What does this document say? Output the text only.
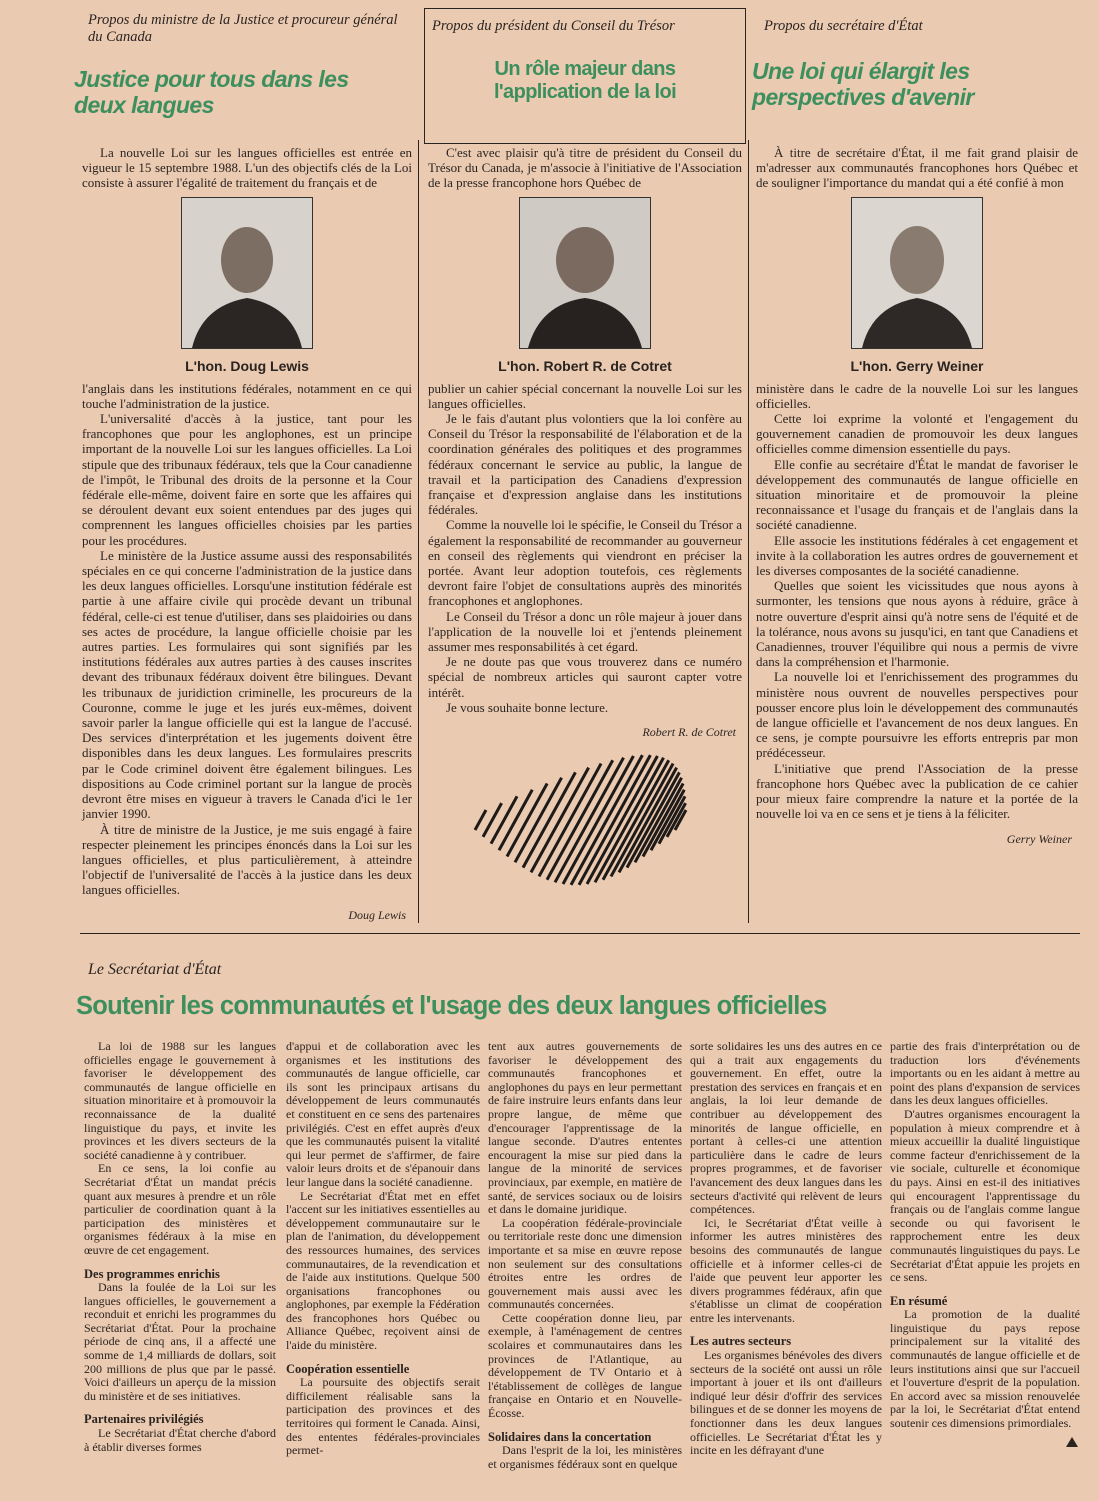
Propos du ministre de la Justice et procureur général du Canada
Justice pour tous dans les deux langues
Propos du président du Conseil du Trésor
Un rôle majeur dans l'application de la loi
Propos du secrétaire d'État
Une loi qui élargit les perspectives d'avenir

La nouvelle Loi sur les langues officielles est entrée en vigueur le 15 septembre 1988. L'un des objectifs clés de la Loi consiste à assurer l'égalité de traitement du français et de

L'hon. Doug Lewis

l'anglais dans les institutions fédérales, notamment en ce qui touche l'administration de la justice.

L'universalité d'accès à la justice, tant pour les francophones que pour les anglophones, est un principe important de la nouvelle Loi sur les langues officielles. La Loi stipule que des tribunaux fédéraux, tels que la Cour canadienne de l'impôt, le Tribunal des droits de la personne et la Cour fédérale elle-même, doivent faire en sorte que les affaires qui se déroulent devant eux soient entendues par des juges qui comprennent les langues officielles choisies par les parties pour les procédures.

Le ministère de la Justice assume aussi des responsabilités spéciales en ce qui concerne l'administration de la justice dans les deux langues officielles. Lorsqu'une institution fédérale est partie à une affaire civile qui procède devant un tribunal fédéral, celle-ci est tenue d'utiliser, dans ses plaidoiries ou dans ses actes de procédure, la langue officielle choisie par les autres parties. Les formulaires qui sont signifiés par les institutions fédérales aux autres parties à des causes inscrites devant des tribunaux fédéraux doivent être bilingues. Devant les tribunaux de juridiction criminelle, les procureurs de la Couronne, comme le juge et les jurés eux-mêmes, doivent savoir parler la langue officielle qui est la langue de l'accusé. Des services d'interprétation et les jugements doivent être disponibles dans les deux langues. Les formulaires prescrits par le Code criminel doivent être également bilingues. Les dispositions au Code criminel portant sur la langue de procès devront être mises en vigueur à travers le Canada d'ici le 1er janvier 1990.

À titre de ministre de la Justice, je me suis engagé à faire respecter pleinement les principes énoncés dans la Loi sur les langues officielles, et plus particulièrement, à atteindre l'objectif de l'universalité de l'accès à la justice dans les deux langues officielles.

Doug Lewis

C'est avec plaisir qu'à titre de président du Conseil du Trésor du Canada, je m'associe à l'initiative de l'Association de la presse francophone hors Québec de

L'hon. Robert R. de Cotret

publier un cahier spécial concernant la nouvelle Loi sur les langues officielles.

Je le fais d'autant plus volontiers que la loi confère au Conseil du Trésor la responsabilité de l'élaboration et de la coordination générales des politiques et des programmes fédéraux concernant le service au public, la langue de travail et la participation des Canadiens d'expression française et d'expression anglaise dans les institutions fédérales.

Comme la nouvelle loi le spécifie, le Conseil du Trésor a également la responsabilité de recommander au gouverneur en conseil des règlements qui viendront en préciser la portée. Avant leur adoption toutefois, ces règlements devront faire l'objet de consultations auprès des minorités francophones et anglophones.

Le Conseil du Trésor a donc un rôle majeur à jouer dans l'application de la nouvelle loi et j'entends pleinement assumer mes responsabilités à cet égard.

Je ne doute pas que vous trouverez dans ce numéro spécial de nombreux articles qui sauront capter votre intérêt.

Je vous souhaite bonne lecture.

Robert R. de Cotret

À titre de secrétaire d'État, il me fait grand plaisir de m'adresser aux communautés francophones hors Québec et de souligner l'importance du mandat qui a été confié à mon

L'hon. Gerry Weiner

ministère dans le cadre de la nouvelle Loi sur les langues officielles.

Cette loi exprime la volonté et l'engagement du gouvernement canadien de promouvoir les deux langues officielles comme dimension essentielle du pays.

Elle confie au secrétaire d'État le mandat de favoriser le développement des communautés de langue officielle en situation minoritaire et de promouvoir la pleine reconnaissance et l'usage du français et de l'anglais dans la société canadienne.

Elle associe les institutions fédérales à cet engagement et invite à la collaboration les autres ordres de gouvernement et les diverses composantes de la société canadienne.

Quelles que soient les vicissitudes que nous ayons à surmonter, les tensions que nous ayons à réduire, grâce à notre ouverture d'esprit ainsi qu'à notre sens de l'équité et de la tolérance, nous avons su jusqu'ici, en tant que Canadiens et Canadiennes, trouver l'équilibre qui nous a permis de vivre dans la compréhension et l'harmonie.

La nouvelle loi et l'enrichissement des programmes du ministère nous ouvrent de nouvelles perspectives pour pousser encore plus loin le développement des communautés de langue officielle et l'avancement de nos deux langues. En ce sens, je compte poursuivre les efforts entrepris par mon prédécesseur.

L'initiative que prend l'Association de la presse francophone hors Québec avec la publication de ce cahier pour mieux faire comprendre la nature et la portée de la nouvelle loi va en ce sens et je tiens à la féliciter.

Gerry Weiner
Le Secrétariat d'État
Soutenir les communautés et l'usage des deux langues officielles

La loi de 1988 sur les langues officielles engage le gouvernement à favoriser le développement des communautés de langue officielle en situation minoritaire et à promouvoir la reconnaissance de la dualité linguistique du pays, et invite les provinces et les divers secteurs de la société canadienne à y contribuer.

En ce sens, la loi confie au Secrétariat d'État un mandat précis quant aux mesures à prendre et un rôle particulier de coordination quant à la participation des ministères et organismes fédéraux à la mise en œuvre de cet engagement.

Des programmes enrichis

Dans la foulée de la Loi sur les langues officielles, le gouvernement a reconduit et enrichi les programmes du Secrétariat d'État. Pour la prochaine période de cinq ans, il a affecté une somme de 1,4 milliards de dollars, soit 200 millions de plus que par le passé. Voici d'ailleurs un aperçu de la mission du ministère et de ses initiatives.

Partenaires privilégiés

Le Secrétariat d'État cherche d'abord à établir diverses formes

d'appui et de collaboration avec les organismes et les institutions des communautés de langue officielle, car ils sont les principaux artisans du développement de leurs communautés et constituent en ce sens des partenaires privilégiés. C'est en effet auprès d'eux que les communautés puisent la vitalité qui leur permet de s'affirmer, de faire valoir leurs droits et de s'épanouir dans leur langue dans la société canadienne.

Le Secrétariat d'État met en effet l'accent sur les initiatives essentielles au développement communautaire sur le plan de l'animation, du développement des ressources humaines, des services communautaires, de la revendication et de l'aide aux institutions. Quelque 500 organisations francophones ou anglophones, par exemple la Fédération des francophones hors Québec ou Alliance Québec, reçoivent ainsi de l'aide du ministère.

Coopération essentielle

La poursuite des objectifs serait difficilement réalisable sans la participation des provinces et des territoires qui forment le Canada. Ainsi, des ententes fédérales-provinciales permet-

tent aux autres gouvernements de favoriser le développement des communautés francophones et anglophones du pays en leur permettant de faire instruire leurs enfants dans leur propre langue, de même que d'encourager l'apprentissage de la langue seconde. D'autres ententes encouragent la mise sur pied dans la langue de la minorité de services provinciaux, par exemple, en matière de santé, de services sociaux ou de loisirs et dans le domaine juridique.

La coopération fédérale-provinciale ou territoriale reste donc une dimension importante et sa mise en œuvre repose non seulement sur des consultations étroites entre les ordres de gouvernement mais aussi avec les communautés concernées.

Cette coopération donne lieu, par exemple, à l'aménagement de centres scolaires et communautaires dans les provinces de l'Atlantique, au développement de TV Ontario et à l'établissement de collèges de langue française en Ontario et en Nouvelle-Écosse.

Solidaires dans la concertation

Dans l'esprit de la loi, les ministères et organismes fédéraux sont en quelque

sorte solidaires les uns des autres en ce qui a trait aux engagements du gouvernement. En effet, outre la prestation des services en français et en anglais, la loi leur demande de contribuer au développement des minorités de langue officielle, en portant à celles-ci une attention particulière dans le cadre de leurs propres programmes, et de favoriser l'avancement des deux langues dans les secteurs d'activité qui relèvent de leurs compétences.

Ici, le Secrétariat d'État veille à informer les autres ministères des besoins des communautés de langue officielle et à informer celles-ci de l'aide que peuvent leur apporter les divers programmes fédéraux, afin que s'établisse un climat de coopération entre les intervenants.

Les autres secteurs

Les organismes bénévoles des divers secteurs de la société ont aussi un rôle important à jouer et ils ont d'ailleurs indiqué leur désir d'offrir des services bilingues et de se donner les moyens de fonctionner dans les deux langues officielles. Le Secrétariat d'État les y incite en les défrayant d'une

partie des frais d'interprétation ou de traduction lors d'événements importants ou en les aidant à mettre au point des plans d'expansion de services dans les deux langues officielles.

D'autres organismes encouragent la population à mieux comprendre et à mieux accueillir la dualité linguistique comme facteur d'enrichissement de la vie sociale, culturelle et économique du pays. Ainsi en est-il des initiatives qui encouragent l'apprentissage du français ou de l'anglais comme langue seconde ou qui favorisent le rapprochement entre les deux communautés linguistiques du pays. Le Secrétariat d'État appuie les projets en ce sens.

En résumé

La promotion de la dualité linguistique du pays repose principalement sur la vitalité des communautés de langue officielle et de leurs institutions ainsi que sur l'accueil et l'ouverture d'esprit de la population. En accord avec sa mission renouvelée par la loi, le Secrétariat d'État entend soutenir ces dimensions primordiales.
